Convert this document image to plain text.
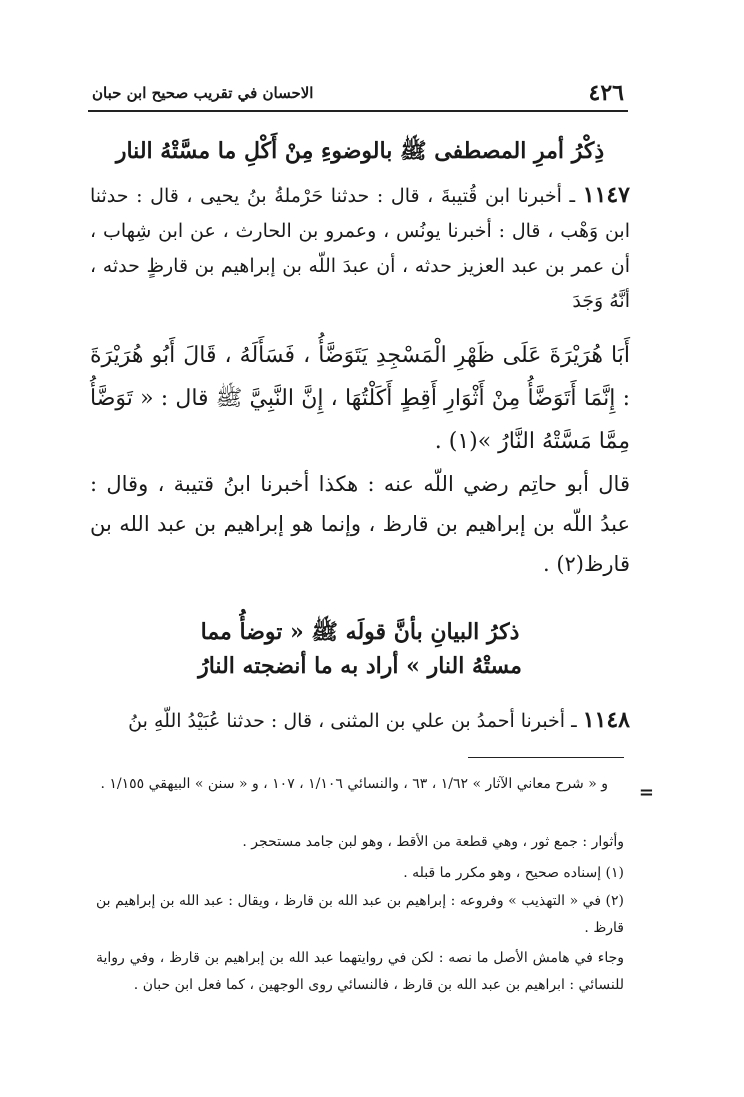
٤٢٦
الاحسان في تقريب صحيح ابن حبان
ذِكْرُ أمرِ المصطفى ﷺ بالوضوءِ مِنْ أَكْلِ ما مسَّتْهُ النار
١١٤٧ ـ أخبرنا ابن قُتيبةَ ، قال : حدثنا حَرْملةُ بنُ يحيى ، قال : حدثنا ابن وَهْب ، قال : أخبرنا يونُس ، وعمرو بن الحارث ، عن ابن شِهاب ، أن عمر بن عبد العزيز حدثه ، أن عبدَ اللّه بن إبراهيم بن قارظٍ حدثه ، أنَّهُ وَجَدَ
أَبَا هُرَيْرَةَ عَلَى ظَهْرِ الْمَسْجِدِ يَتَوَضَّأُ ، فَسَأَلَهُ ، قَالَ أَبُو هُرَيْرَةَ : إِنَّمَا أَتَوَضَّأُ مِنْ أَثْوَارِ أَقِطٍ أَكَلْتُهَا ، إِنَّ النَّبِيَّ ﷺ قال : « تَوَضَّأُ مِمَّا مَسَّتْهُ النَّارُ »(١) .
قال أبو حاتِم رضي اللّه عنه : هكذا أخبرنا ابنُ قتيبة ، وقال : عبدُ اللّه بن إبراهيم بن قارظ ، وإنما هو إبراهيم بن عبد الله بن قارظ(٢) .
ذكرُ البيانِ بأنَّ قولَه ﷺ « توضأُ مما
مستْهُ النار » أراد به ما أنضجته النارُ
١١٤٨ ـ أخبرنا أحمدُ بن علي بن المثنى ، قال : حدثنا عُبَيْدُ اللّهِ بنُ
=
و « شرح معاني الآثار » ١/٦٢ ، ٦٣ ، والنسائي ١/١٠٦ ، ١٠٧ ، و « سنن » البيهقي ١/١٥٥ .
وأثوار : جمع ثور ، وهي قطعة من الأقط ، وهو لبن جامد مستحجر .
(١) إسناده صحيح ، وهو مكرر ما قبله .
(٢) في « التهذيب » وفروعه : إبراهيم بن عبد الله بن قارظ ، ويقال : عبد الله بن إبراهيم بن قارظ .
وجاء في هامش الأصل ما نصه : لكن في روايتهما عبد الله بن إبراهيم بن قارظ ، وفي رواية للنسائي : ابراهيم بن عبد الله بن قارظ ، فالنسائي روى الوجهين ، كما فعل ابن حبان .
